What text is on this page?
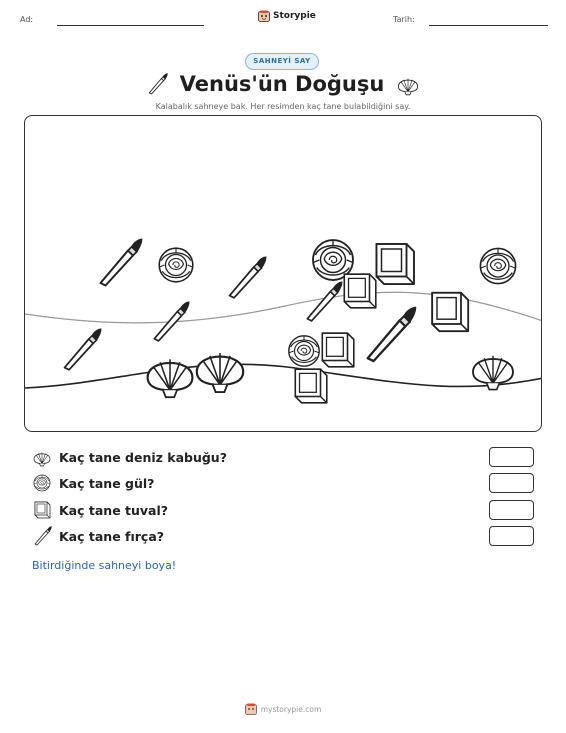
Ad:	Storypie	Tarih:
SAHNEYİ SAY
Venüs'ün Doğuşu
Kalabalık sahneye bak. Her resimden kaç tane bulabildiğini say.
Kaç tane deniz kabuğu?
Kaç tane gül?
Kaç tane tuval?
Kaç tane fırça?
Bitirdiğinde sahneyi boya!
mystorypie.com
